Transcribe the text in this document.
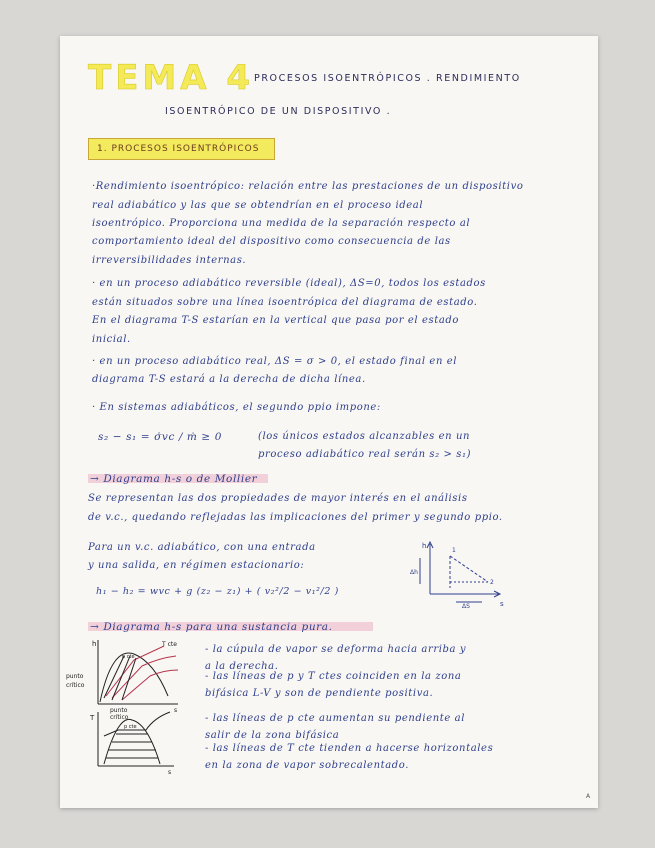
TEMA 4 PROCESOS ISOENTRÓPICOS . RENDIMIENTO
ISOENTRÓPICO DE UN DISPOSITIVO .
1. PROCESOS ISOENTRÓPICOS
·Rendimiento isoentrópico: relación entre las prestaciones de un dispositivo
real adiabático y las que se obtendrían en el proceso ideal
isoentrópico. Proporciona una medida de la separación respecto al
comportamiento ideal del dispositivo como consecuencia de las
irreversibilidades internas.
· en un proceso adiabático reversible (ideal), ΔS=0, todos los estados
están situados sobre una línea isoentrópica del diagrama de estado.
En el diagrama T-S estarían en la vertical que pasa por el estado
inicial.
· en un proceso adiabático real, ΔS = σ > 0, el estado final en el
diagrama T-S estará a la derecha de dicha línea.
· En sistemas adiabáticos, el segundo ppio impone:
s₂ − s₁ = σ̇vc / ṁ ≥ 0	(los únicos estados alcanzables en un
proceso adiabático real serán s₂ > s₁)
→ Diagrama h-s o de Mollier
Se representan las dos propiedades de mayor interés en el análisis
de v.c., quedando reflejadas las implicaciones del primer y segundo ppio.
Para un v.c. adiabático, con una entrada
y una salida, en régimen estacionario:
h₁ − h₂ = wvc + g (z₂ − z₁) + ( v₂²/2 − v₁²/2 )
h
s
Δh
ΔS
1
2
→ Diagrama h-s para una sustancia pura.
h
s
p cte
T cte
punto
crítico
T
s
punto
crítico
p cte
- la cúpula de vapor se deforma hacia arriba y
a la derecha.
- las líneas de p y T ctes coinciden en la zona
bifásica L-V y son de pendiente positiva.
- las líneas de p cte aumentan su pendiente al
salir de la zona bifásica
- las líneas de T cte tienden a hacerse horizontales
en la zona de vapor sobrecalentado.
A
